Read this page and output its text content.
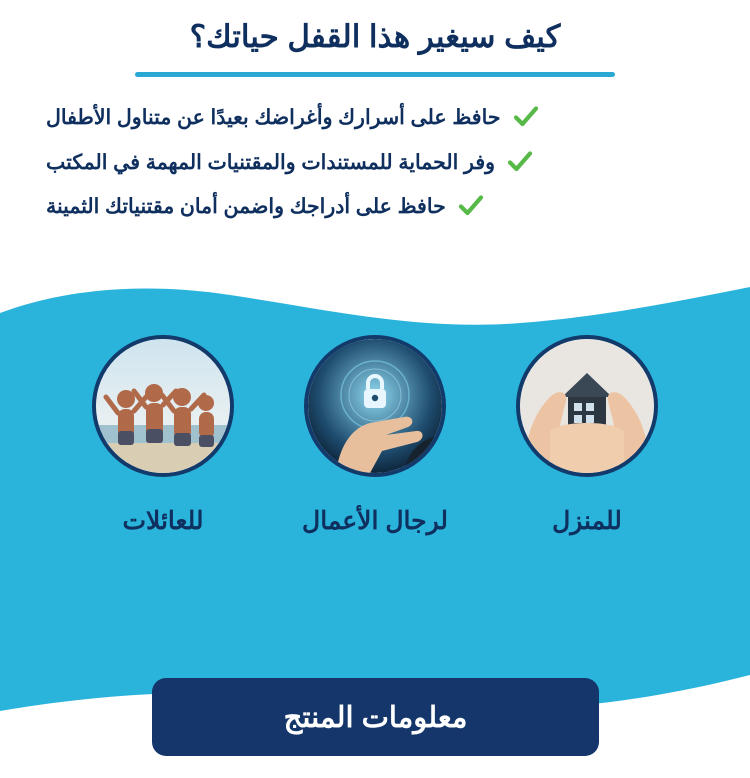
كيف سيغير هذا القفل حياتك؟
حافظ على أسرارك وأغراضك بعيدًا عن متناول الأطفال
وفر الحماية للمستندات والمقتنيات المهمة في المكتب
حافظ على أدراجك واضمن أمان مقتنياتك الثمينة
للعائلات	لرجال الأعمال	للمنزل
معلومات المنتج
